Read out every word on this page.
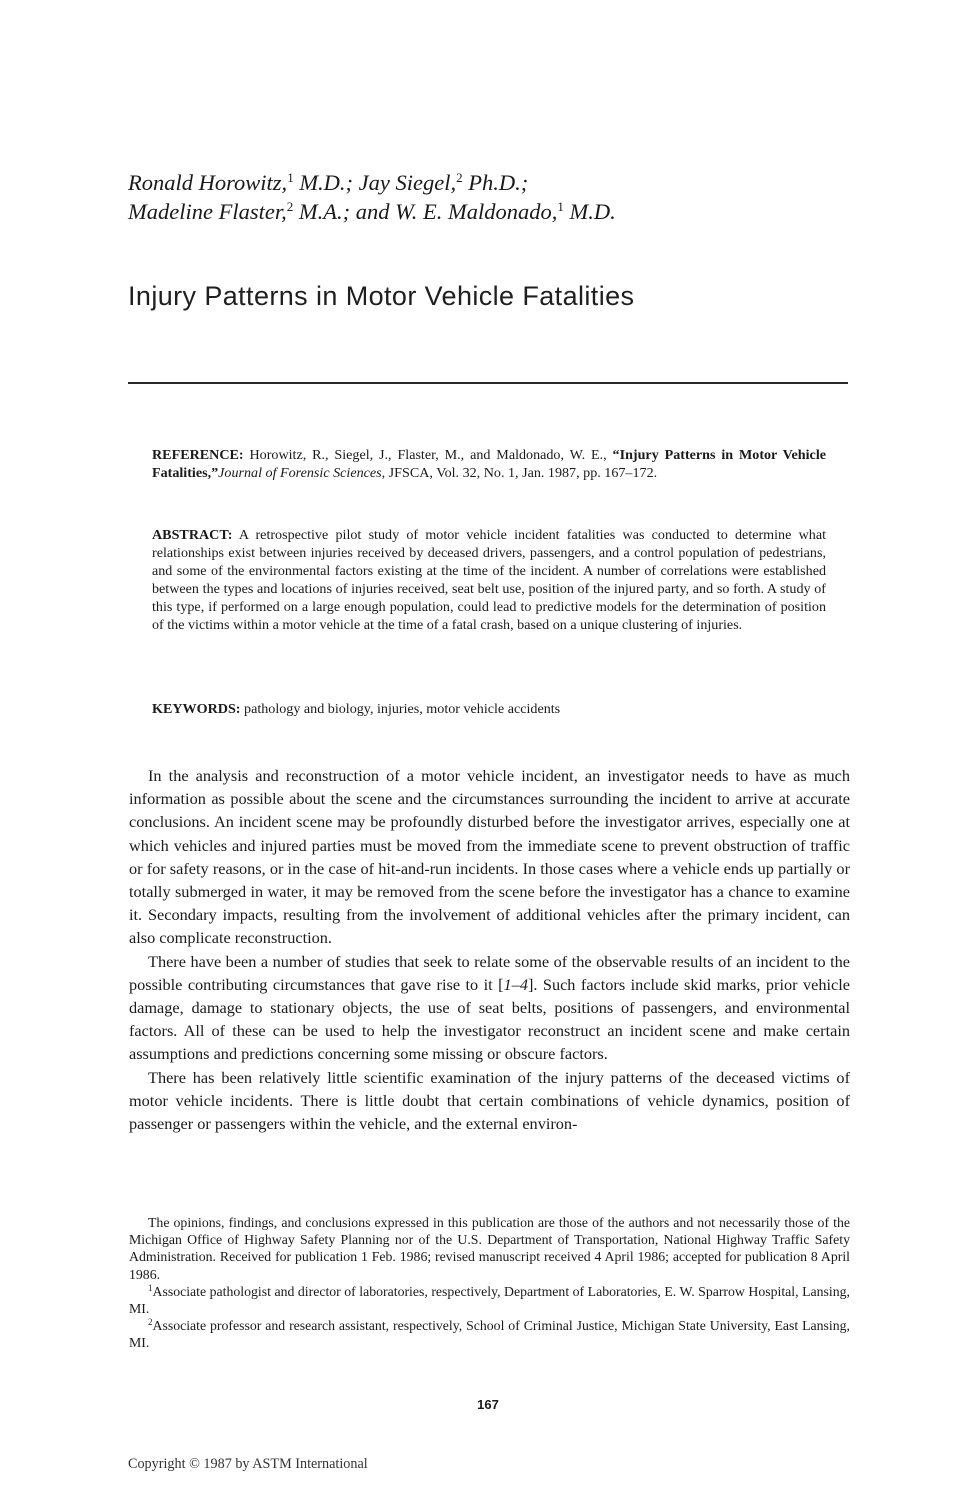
Ronald Horowitz,$^1$ M.D.; Jay Siegel,$^2$ Ph.D.;
Madeline Flaster,$^2$ M.A.; and W. E. Maldonado,$^1$ M.D.
Injury Patterns in Motor Vehicle Fatalities
REFERENCE: Horowitz, R., Siegel, J., Flaster, M., and Maldonado, W. E., “Injury Patterns in Motor Vehicle Fatalities,”Journal of Forensic Sciences, JFSCA, Vol. 32, No. 1, Jan. 1987, pp. 167–172.
ABSTRACT: A retrospective pilot study of motor vehicle incident fatalities was conducted to determine what relationships exist between injuries received by deceased drivers, passengers, and a control population of pedestrians, and some of the environmental factors existing at the time of the incident. A number of correlations were established between the types and locations of injuries received, seat belt use, position of the injured party, and so forth. A study of this type, if performed on a large enough population, could lead to predictive models for the determination of position of the victims within a motor vehicle at the time of a fatal crash, based on a unique clustering of injuries.
KEYWORDS: pathology and biology, injuries, motor vehicle accidents

In the analysis and reconstruction of a motor vehicle incident, an investigator needs to have as much information as possible about the scene and the circumstances surrounding the incident to arrive at accurate conclusions. An incident scene may be profoundly disturbed before the investigator arrives, especially one at which vehicles and injured parties must be moved from the immediate scene to prevent obstruction of traffic or for safety reasons, or in the case of hit-and-run incidents. In those cases where a vehicle ends up partially or totally submerged in water, it may be removed from the scene before the investigator has a chance to examine it. Secondary impacts, resulting from the involvement of additional vehicles after the primary incident, can also complicate reconstruction.

There have been a number of studies that seek to relate some of the observable results of an incident to the possible contributing circumstances that gave rise to it [1–4]. Such factors include skid marks, prior vehicle damage, damage to stationary objects, the use of seat belts, positions of passengers, and environmental factors. All of these can be used to help the investigator reconstruct an incident scene and make certain assumptions and predictions concerning some missing or obscure factors.

There has been relatively little scientific examination of the injury patterns of the deceased victims of motor vehicle incidents. There is little doubt that certain combinations of vehicle dynamics, position of passenger or passengers within the vehicle, and the external environ-

The opinions, findings, and conclusions expressed in this publication are those of the authors and not necessarily those of the Michigan Office of Highway Safety Planning nor of the U.S. Department of Transportation, National Highway Traffic Safety Administration. Received for publication 1 Feb. 1986; revised manuscript received 4 April 1986; accepted for publication 8 April 1986.

$^1$Associate pathologist and director of laboratories, respectively, Department of Laboratories, E. W. Sparrow Hospital, Lansing, MI.

$^2$Associate professor and research assistant, respectively, School of Criminal Justice, Michigan State University, East Lansing, MI.

167
Copyright © 1987 by ASTM International
